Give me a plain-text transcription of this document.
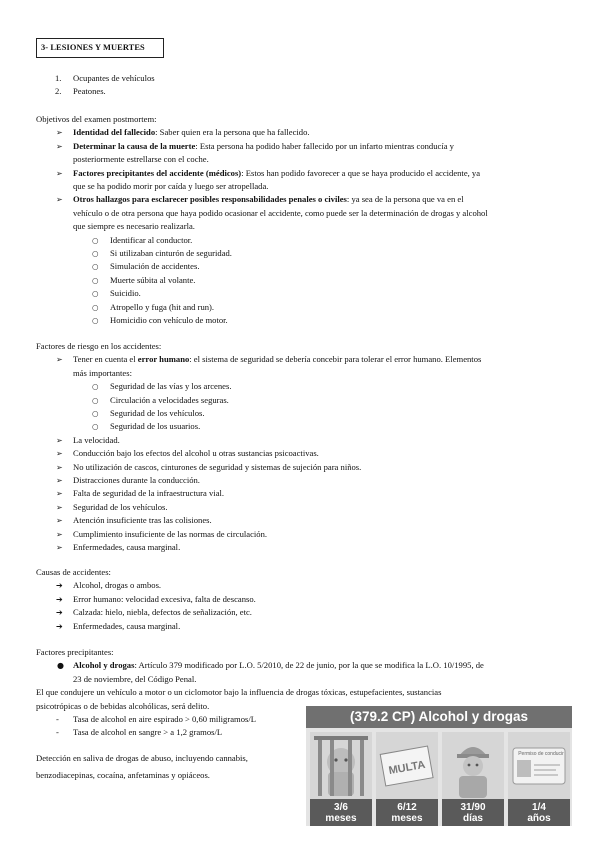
3- LESIONES Y MUERTES
1. Ocupantes de vehículos
2. Peatones.
Objetivos del examen postmortem:
➢ Identidad del fallecido: Saber quien era la persona que ha fallecido.
➢ Determinar la causa de la muerte: Esta persona ha podido haber fallecido por un infarto mientras conducía y
posteriormente estrellarse con el coche.
➢ Factores precipitantes del accidente (médicos): Estos han podido favorecer a que se haya producido el accidente, ya
que se ha podido morir por caída y luego ser atropellada.
➢ Otros hallazgos para esclarecer posibles responsabilidades penales o civiles: ya sea de la persona que va en el
vehículo o de otra persona que haya podido ocasionar el accidente, como puede ser la determinación de drogas y alcohol
que siempre es necesario realizarla.
○ Identificar al conductor.
○ Si utilizaban cinturón de seguridad.
○ Simulación de accidentes.
○ Muerte súbita al volante.
○ Suicidio.
○ Atropello y fuga (hit and run).
○ Homicidio con vehículo de motor.
Factores de riesgo en los accidentes:
➢ Tener en cuenta el error humano: el sistema de seguridad se debería concebir para tolerar el error humano. Elementos
más importantes:
○ Seguridad de las vías y los arcenes.
○ Circulación a velocidades seguras.
○ Seguridad de los vehículos.
○ Seguridad de los usuarios.
➢ La velocidad.
➢ Conducción bajo los efectos del alcohol u otras sustancias psicoactivas.
➢ No utilización de cascos, cinturones de seguridad y sistemas de sujeción para niños.
➢ Distracciones durante la conducción.
➢ Falta de seguridad de la infraestructura vial.
➢ Seguridad de los vehículos.
➢ Atención insuficiente tras las colisiones.
➢ Cumplimiento insuficiente de las normas de circulación.
➢ Enfermedades, causa marginal.
Causas de accidentes:
➔ Alcohol, drogas o ambos.
➔ Error humano: velocidad excesiva, falta de descanso.
➔ Calzada: hielo, niebla, defectos de señalización, etc.
➔ Enfermedades, causa marginal.
Factores precipitantes:
● Alcohol y drogas: Artículo 379 modificado por L.O. 5/2010, de 22 de junio, por la que se modifica la L.O. 10/1995, de
23 de noviembre, del Código Penal.
El que condujere un vehículo a motor o un ciclomotor bajo la influencia de drogas tóxicas, estupefacientes, sustancias
psicotrópicas o de bebidas alcohólicas, será delito.
- Tasa de alcohol en aire espirado > 0,60 miligramos/L
- Tasa de alcohol en sangre > a 1,2 gramos/L
Detección en saliva de drogas de abuso, incluyendo cannabis,
benzodiacepinas, cocaína, anfetaminas y opiáceos.
(379.2 CP) Alcohol y drogas
3/6
meses
MULTA
6/12
meses
31/90
días
Permiso de conducir
1/4
años
